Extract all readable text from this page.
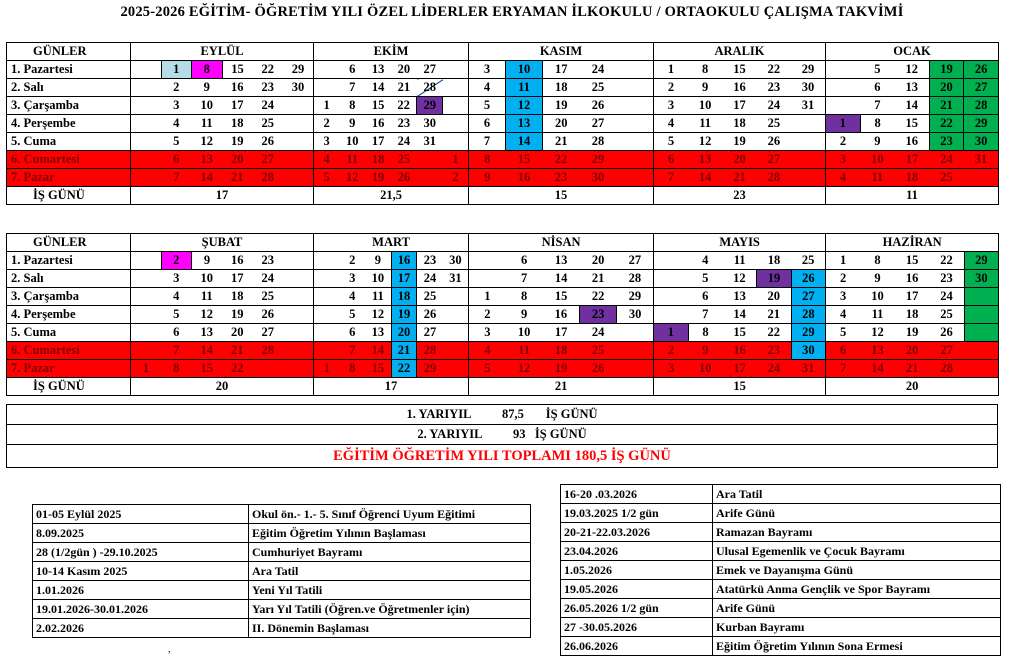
2025-2026 EĞİTİM- ÖĞRETİM YILI ÖZEL LİDERLER ERYAMAN İLKOKULU / ORTAOKULU ÇALIŞMA TAKVİMİ
GÜNLER	EYLÜL						EKİM						KASIM					ARALIK					OCAK				
1. Pazartesi		1	8	15	22	29		6	13	20	27		3	10	17	24		1	8	15	22	29		5	12	19	26
2. Salı		2	9	16	23	30		7	14	21	28		4	11	18	25		2	9	16	23	30		6	13	20	27
3. Çarşamba		3	10	17	24		1	8	15	22	29		5	12	19	26		3	10	17	24	31		7	14	21	28
4. Perşembe		4	11	18	25		2	9	16	23	30		6	13	20	27		4	11	18	25		1	8	15	22	29
5. Cuma		5	12	19	26		3	10	17	24	31		7	14	21	28		5	12	19	26		2	9	16	23	30
6. Cumartesi		6	13	20	27		4	11	18	25		1	8	15	22	29		6	13	20	27		3	10	17	24	31
7. Pazar		7	14	21	28		5	12	19	26		2	9	16	23	30		7	14	21	28		4	11	18	25	
İŞ GÜNÜ	17						21,5						15					23					11				
GÜNLER	ŞUBAT						MART						NİSAN					MAYIS					HAZİRAN				
1. Pazartesi		2	9	16	23			2	9	16	23	30		6	13	20	27		4	11	18	25	1	8	15	22	29
2. Salı		3	10	17	24			3	10	17	24	31		7	14	21	28		5	12	19	26	2	9	16	23	30
3. Çarşamba		4	11	18	25			4	11	18	25		1	8	15	22	29		6	13	20	27	3	10	17	24	
4. Perşembe		5	12	19	26			5	12	19	26		2	9	16	23	30		7	14	21	28	4	11	18	25	
5. Cuma		6	13	20	27			6	13	20	27		3	10	17	24		1	8	15	22	29	5	12	19	26	
6. Cumartesi		7	14	21	28			7	14	21	28		4	11	18	25		2	9	16	23	30	6	13	20	27	
7. Pazar	1	8	15	22			1	8	15	22	29		5	12	19	26		3	10	17	24	31	7	14	21	28	
İŞ GÜNÜ	20						17						21					15					20				
1. YARIYIL          87,5       İŞ GÜNÜ
2. YARIYIL          93   İŞ GÜNÜ
EĞİTİM ÖĞRETİM YILI TOPLAMI 180,5 İŞ GÜNÜ
01-05 Eylül 2025	Okul ön.- 1.- 5. Sınıf Öğrenci Uyum Eğitimi
8.09.2025	Eğitim Öğretim Yılının Başlaması
28 (1/2gün ) -29.10.2025	Cumhuriyet Bayramı
10-14 Kasım 2025	Ara Tatil
1.01.2026	Yeni Yıl Tatili
19.01.2026-30.01.2026	Yarı Yıl Tatili (Öğren.ve Öğretmenler için)
2.02.2026	II. Dönemin Başlaması
16-20 .03.2026	Ara Tatil
19.03.2025 1/2 gün	Arife Günü
20-21-22.03.2026	Ramazan Bayramı
23.04.2026	Ulusal Egemenlik ve Çocuk Bayramı
1.05.2026	Emek ve Dayanışma Günü
19.05.2026	Atatürkü Anma Gençlik ve Spor Bayramı
26.05.2026 1/2 gün	Arife Günü
27 -30.05.2026	Kurban Bayramı
26.06.2026	Eğitim Öğretim Yılının Sona Ermesi
,
